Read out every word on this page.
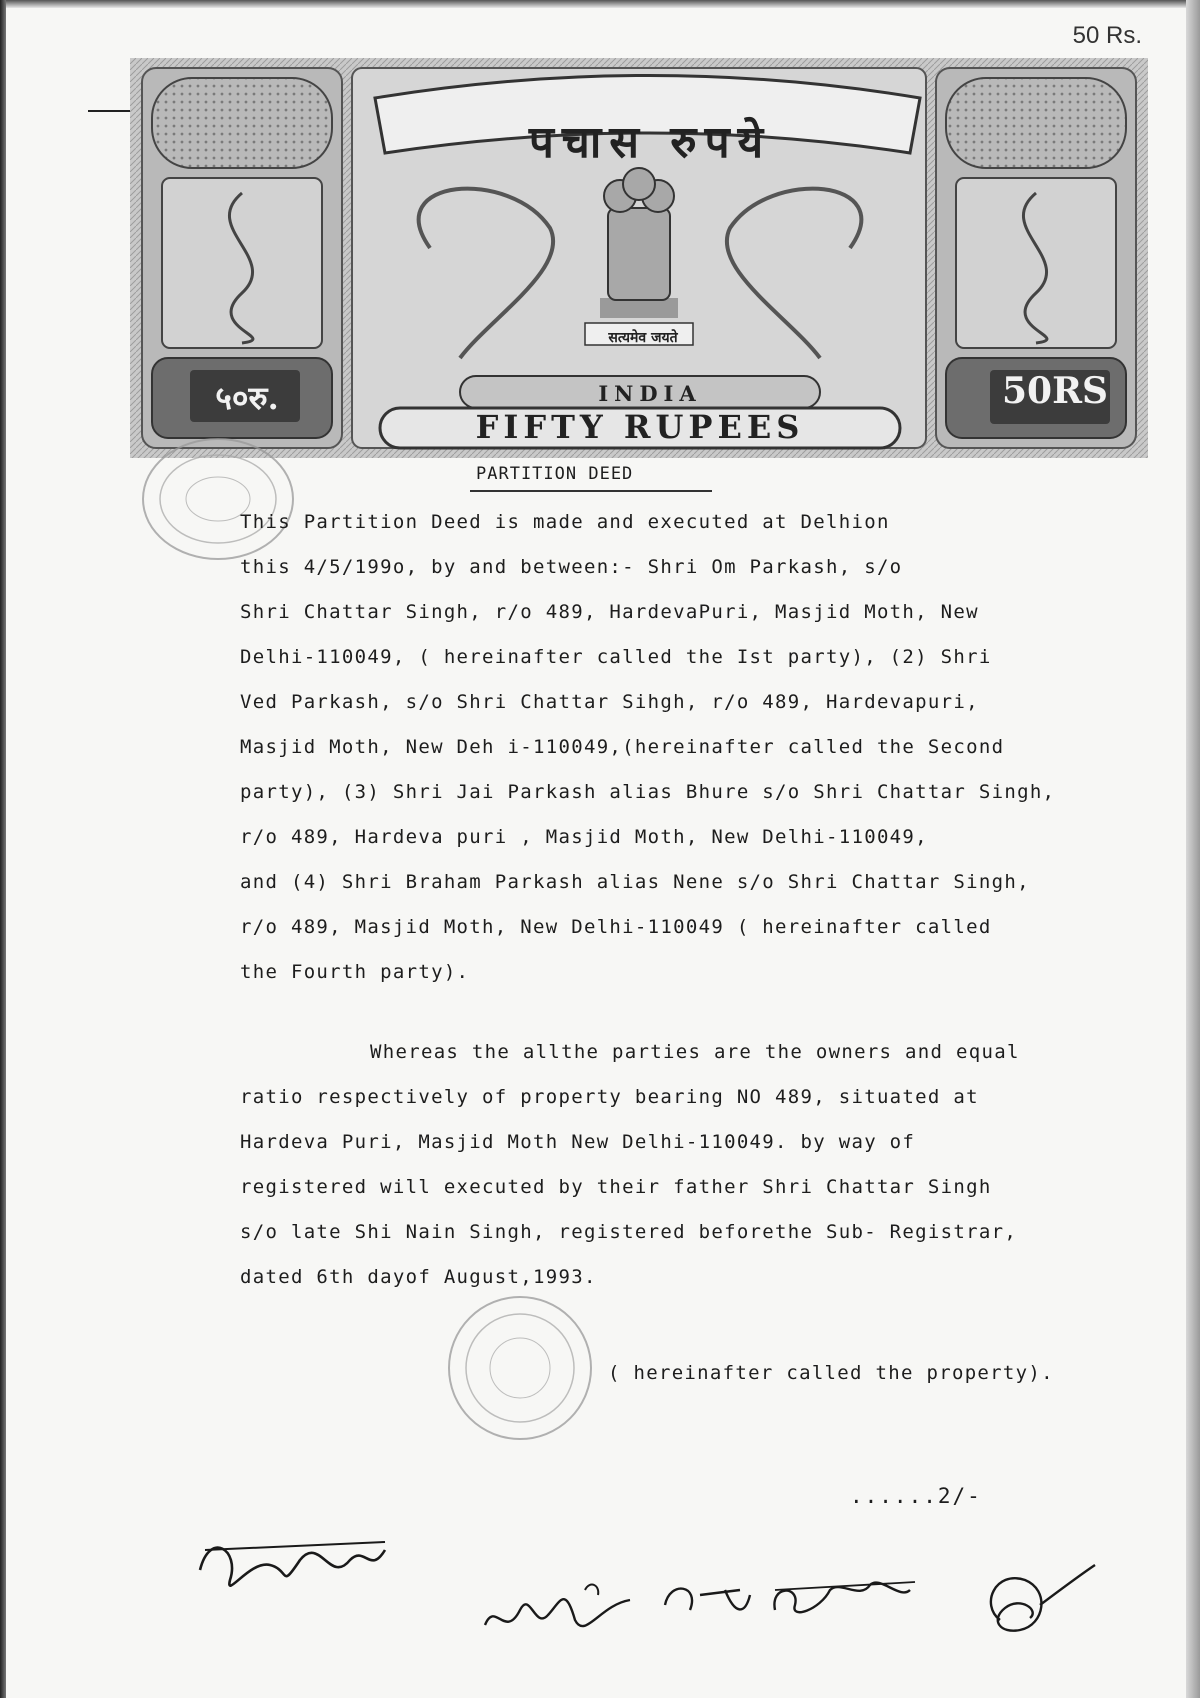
50 Rs.
पचास रुपये
सत्यमेव जयते
५०रु.	50RS
INDIA
FIFTY RUPEES
PARTITION DEED
This Partition Deed is made and executed at Delhion
this 4/5/199o, by and between:- Shri Om Parkash, s/o
Shri Chattar Singh, r/o 489, HardevaPuri, Masjid Moth, New
Delhi-110049, ( hereinafter called the Ist party), (2) Shri
Ved Parkash, s/o Shri Chattar Sihgh, r/o 489, Hardevapuri,
Masjid Moth, New Deh i-110049,(hereinafter called the Second
party), (3) Shri Jai Parkash alias Bhure s/o Shri Chattar Singh,
r/o 489, Hardeva puri , Masjid Moth, New Delhi-110049,
and (4) Shri Braham Parkash alias Nene s/o Shri Chattar Singh,
r/o 489, Masjid Moth, New Delhi-110049 ( hereinafter called
the Fourth party).
Whereas the allthe parties are the owners and equal
ratio respectively of property bearing NO 489, situated at
Hardeva Puri, Masjid Moth New Delhi-110049. by way of
registered will executed by their father Shri Chattar Singh
s/o late Shi Nain Singh, registered beforethe Sub- Registrar,
dated 6th dayof August,1993.
( hereinafter called the property).
......2/-
